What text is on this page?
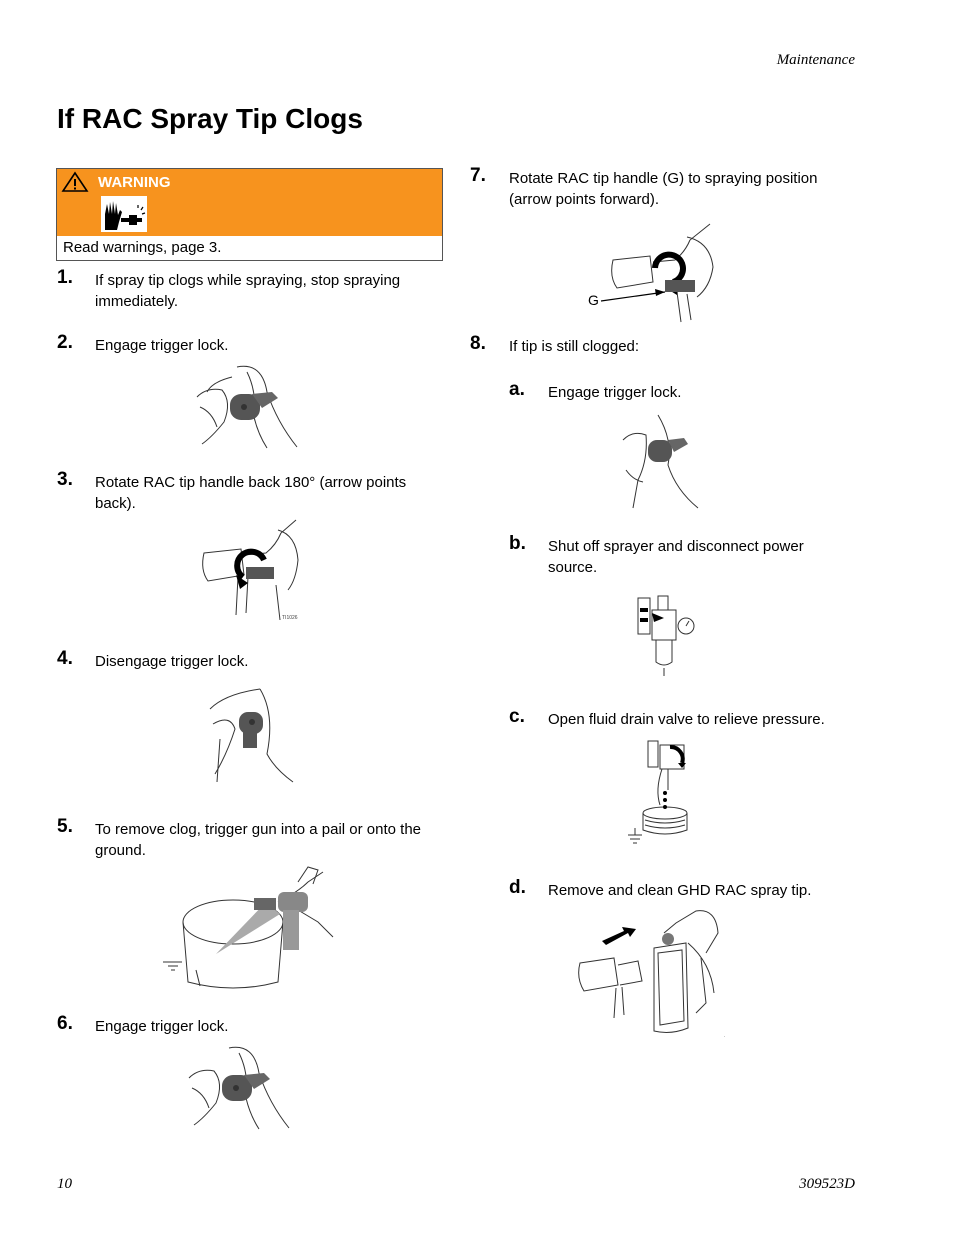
Maintenance
If RAC Spray Tip Clogs
WARNING
Read warnings, page 3.
1. If spray tip clogs while spraying, stop spraying immediately.
2. Engage trigger lock.
3. Rotate RAC tip handle back 180° (arrow points back).
TI1026
4. Disengage trigger lock.
5. To remove clog, trigger gun into a pail or onto the ground.
6. Engage trigger lock.
7. Rotate RAC tip handle (G) to spraying position (arrow points forward).
G
8. If tip is still clogged:
a. Engage trigger lock.
b. Shut off sprayer and disconnect power source.
c. Open fluid drain valve to relieve pressure.
d. Remove and clean GHD RAC spray tip.
.
10	309523D
